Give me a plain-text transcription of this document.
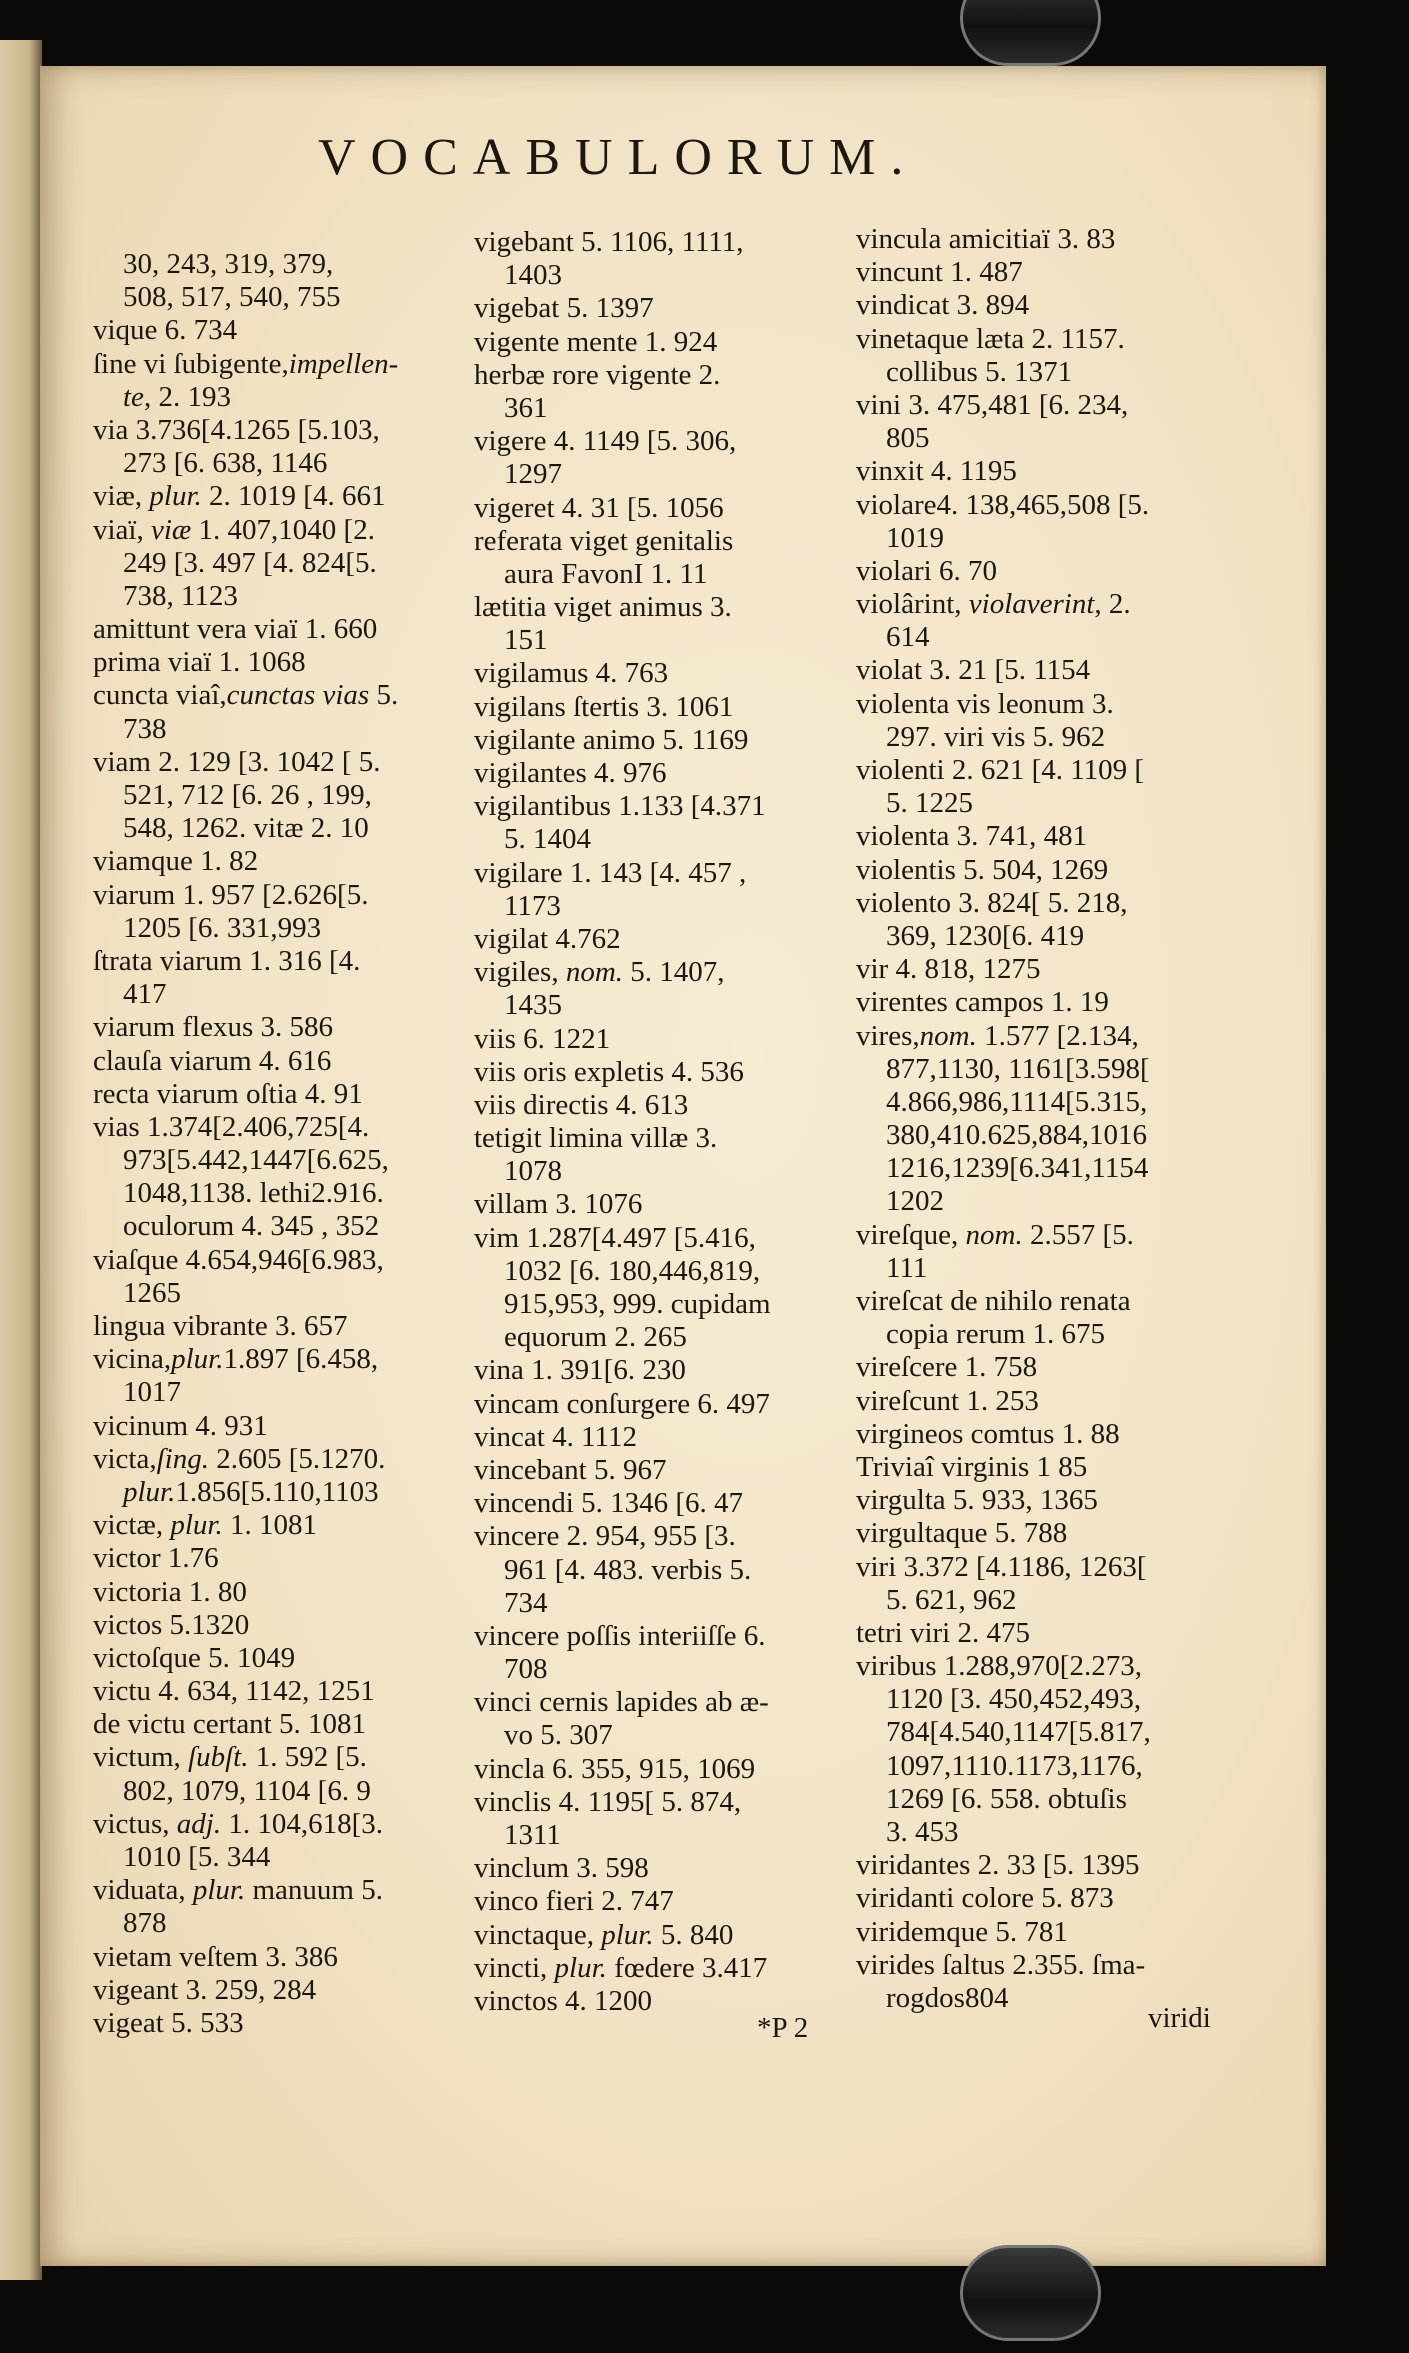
VOCABULORUM.
30, 243, 319, 379,
508, 517, 540, 755
vique 6. 734
ſine vi ſubigente,impellen-
te, 2. 193
via 3.736[4.1265 [5.103,
273 [6. 638, 1146
viæ, plur. 2. 1019 [4. 661
viaï, viæ 1. 407,1040 [2.
249 [3. 497 [4. 824[5.
738, 1123
amittunt vera viaï 1. 660
prima viaï 1. 1068
cuncta viaî,cunctas vias 5.
738
viam 2. 129 [3. 1042 [ 5.
521, 712 [6. 26 , 199,
548, 1262. vitæ 2. 10
viamque 1. 82
viarum 1. 957 [2.626[5.
1205 [6. 331,993
ſtrata viarum 1. 316 [4.
417
viarum flexus 3. 586
clauſa viarum 4. 616
recta viarum oſtia 4. 91
vias 1.374[2.406,725[4.
973[5.442,1447[6.625,
1048,1138. lethi2.916.
oculorum 4. 345 , 352
viaſque 4.654,946[6.983,
1265
lingua vibrante 3. 657
vicina,plur.1.897 [6.458,
1017
vicinum 4. 931
victa,ſing. 2.605 [5.1270.
plur.1.856[5.110,1103
victæ, plur. 1. 1081
victor 1.76
victoria 1. 80
victos 5.1320
victoſque 5. 1049
victu 4. 634, 1142, 1251
de victu certant 5. 1081
victum, ſubſt. 1. 592 [5.
802, 1079, 1104 [6. 9
victus, adj. 1. 104,618[3.
1010 [5. 344
viduata, plur. manuum 5.
878
vietam veſtem 3. 386
vigeant 3. 259, 284
vigeat 5. 533
vigebant 5. 1106, 1111,
1403
vigebat 5. 1397
vigente mente 1. 924
herbæ rore vigente 2.
361
vigere 4. 1149 [5. 306,
1297
vigeret 4. 31 [5. 1056
referata viget genitalis
aura FavonI 1. 11
lætitia viget animus 3.
151
vigilamus 4. 763
vigilans ſtertis 3. 1061
vigilante animo 5. 1169
vigilantes 4. 976
vigilantibus 1.133 [4.371
5. 1404
vigilare 1. 143 [4. 457 ,
1173
vigilat 4.762
vigiles, nom. 5. 1407,
1435
viis 6. 1221
viis oris expletis 4. 536
viis directis 4. 613
tetigit limina villæ 3.
1078
villam 3. 1076
vim 1.287[4.497 [5.416,
1032 [6. 180,446,819,
915,953, 999. cupidam
equorum 2. 265
vina 1. 391[6. 230
vincam conſurgere 6. 497
vincat 4. 1112
vincebant 5. 967
vincendi 5. 1346 [6. 47
vincere 2. 954, 955 [3.
961 [4. 483. verbis 5.
734
vincere poſſis interiiſſe 6.
708
vinci cernis lapides ab æ-
vo 5. 307
vincla 6. 355, 915, 1069
vinclis 4. 1195[ 5. 874,
1311
vinclum 3. 598
vinco fieri 2. 747
vinctaque, plur. 5. 840
vincti, plur. fœdere 3.417
vinctos 4. 1200
vincula amicitiaï 3. 83
vincunt 1. 487
vindicat 3. 894
vinetaque læta 2. 1157.
collibus 5. 1371
vini 3. 475,481 [6. 234,
805
vinxit 4. 1195
violare4. 138,465,508 [5.
1019
violari 6. 70
violârint, violaverint, 2.
614
violat 3. 21 [5. 1154
violenta vis leonum 3.
297. viri vis 5. 962
violenti 2. 621 [4. 1109 [
5. 1225
violenta 3. 741, 481
violentis 5. 504, 1269
violento 3. 824[ 5. 218,
369, 1230[6. 419
vir 4. 818, 1275
virentes campos 1. 19
vires,nom. 1.577 [2.134,
877,1130, 1161[3.598[
4.866,986,1114[5.315,
380,410.625,884,1016
1216,1239[6.341,1154
1202
vireſque, nom. 2.557 [5.
111
vireſcat de nihilo renata
copia rerum 1. 675
vireſcere 1. 758
vireſcunt 1. 253
virgineos comtus 1. 88
Triviaî virginis 1 85
virgulta 5. 933, 1365
virgultaque 5. 788
viri 3.372 [4.1186, 1263[
5. 621, 962
tetri viri 2. 475
viribus 1.288,970[2.273,
1120 [3. 450,452,493,
784[4.540,1147[5.817,
1097,1110.1173,1176,
1269 [6. 558. obtuſis
3. 453
viridantes 2. 33 [5. 1395
viridanti colore 5. 873
viridemque 5. 781
virides ſaltus 2.355. ſma-
rogdos804
*P 2	viridi
